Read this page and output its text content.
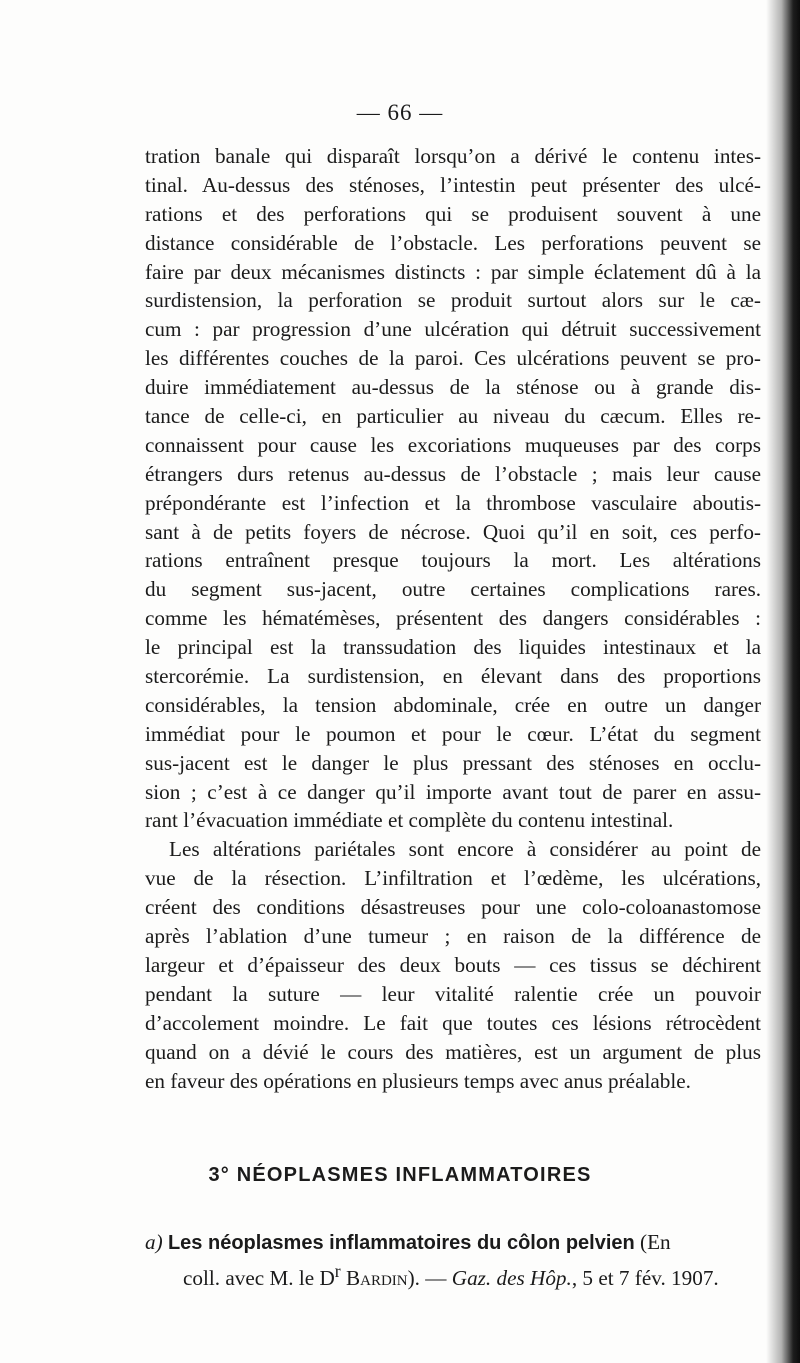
— 66 —
tration banale qui disparaît lorsqu’on a dérivé le contenu intes-
tinal. Au-dessus des sténoses, l’intestin peut présenter des ulcé-
rations et des perforations qui se produisent souvent à une
distance considérable de l’obstacle. Les perforations peuvent se
faire par deux mécanismes distincts : par simple éclatement dû à la
surdistension, la perforation se produit surtout alors sur le cæ-
cum : par progression d’une ulcération qui détruit successivement
les différentes couches de la paroi. Ces ulcérations peuvent se pro-
duire immédiatement au-dessus de la sténose ou à grande dis-
tance de celle-ci, en particulier au niveau du cæcum. Elles re-
connaissent pour cause les excoriations muqueuses par des corps
étrangers durs retenus au-dessus de l’obstacle ; mais leur cause
prépondérante est l’infection et la thrombose vasculaire aboutis-
sant à de petits foyers de nécrose. Quoi qu’il en soit, ces perfo-
rations entraînent presque toujours la mort. Les altérations
du segment sus-jacent, outre certaines complications rares.
comme les hématémèses, présentent des dangers considérables :
le principal est la transsudation des liquides intestinaux et la
stercorémie. La surdistension, en élevant dans des proportions
considérables, la tension abdominale, crée en outre un danger
immédiat pour le poumon et pour le cœur. L’état du segment
sus-jacent est le danger le plus pressant des sténoses en occlu-
sion ; c’est à ce danger qu’il importe avant tout de parer en assu-
rant l’évacuation immédiate et complète du contenu intestinal.
Les altérations pariétales sont encore à considérer au point de
vue de la résection. L’infiltration et l’œdème, les ulcérations,
créent des conditions désastreuses pour une colo-coloanastomose
après l’ablation d’une tumeur ; en raison de la différence de
largeur et d’épaisseur des deux bouts — ces tissus se déchirent
pendant la suture — leur vitalité ralentie crée un pouvoir
d’accolement moindre. Le fait que toutes ces lésions rétrocèdent
quand on a dévié le cours des matières, est un argument de plus
en faveur des opérations en plusieurs temps avec anus préalable.
3° NÉOPLASMES INFLAMMATOIRES
a) Les néoplasmes inflammatoires du côlon pelvien (En
coll. avec M. le $D^r$ Bardin). — Gaz. des Hôp., 5 et 7 fév. 1907.
